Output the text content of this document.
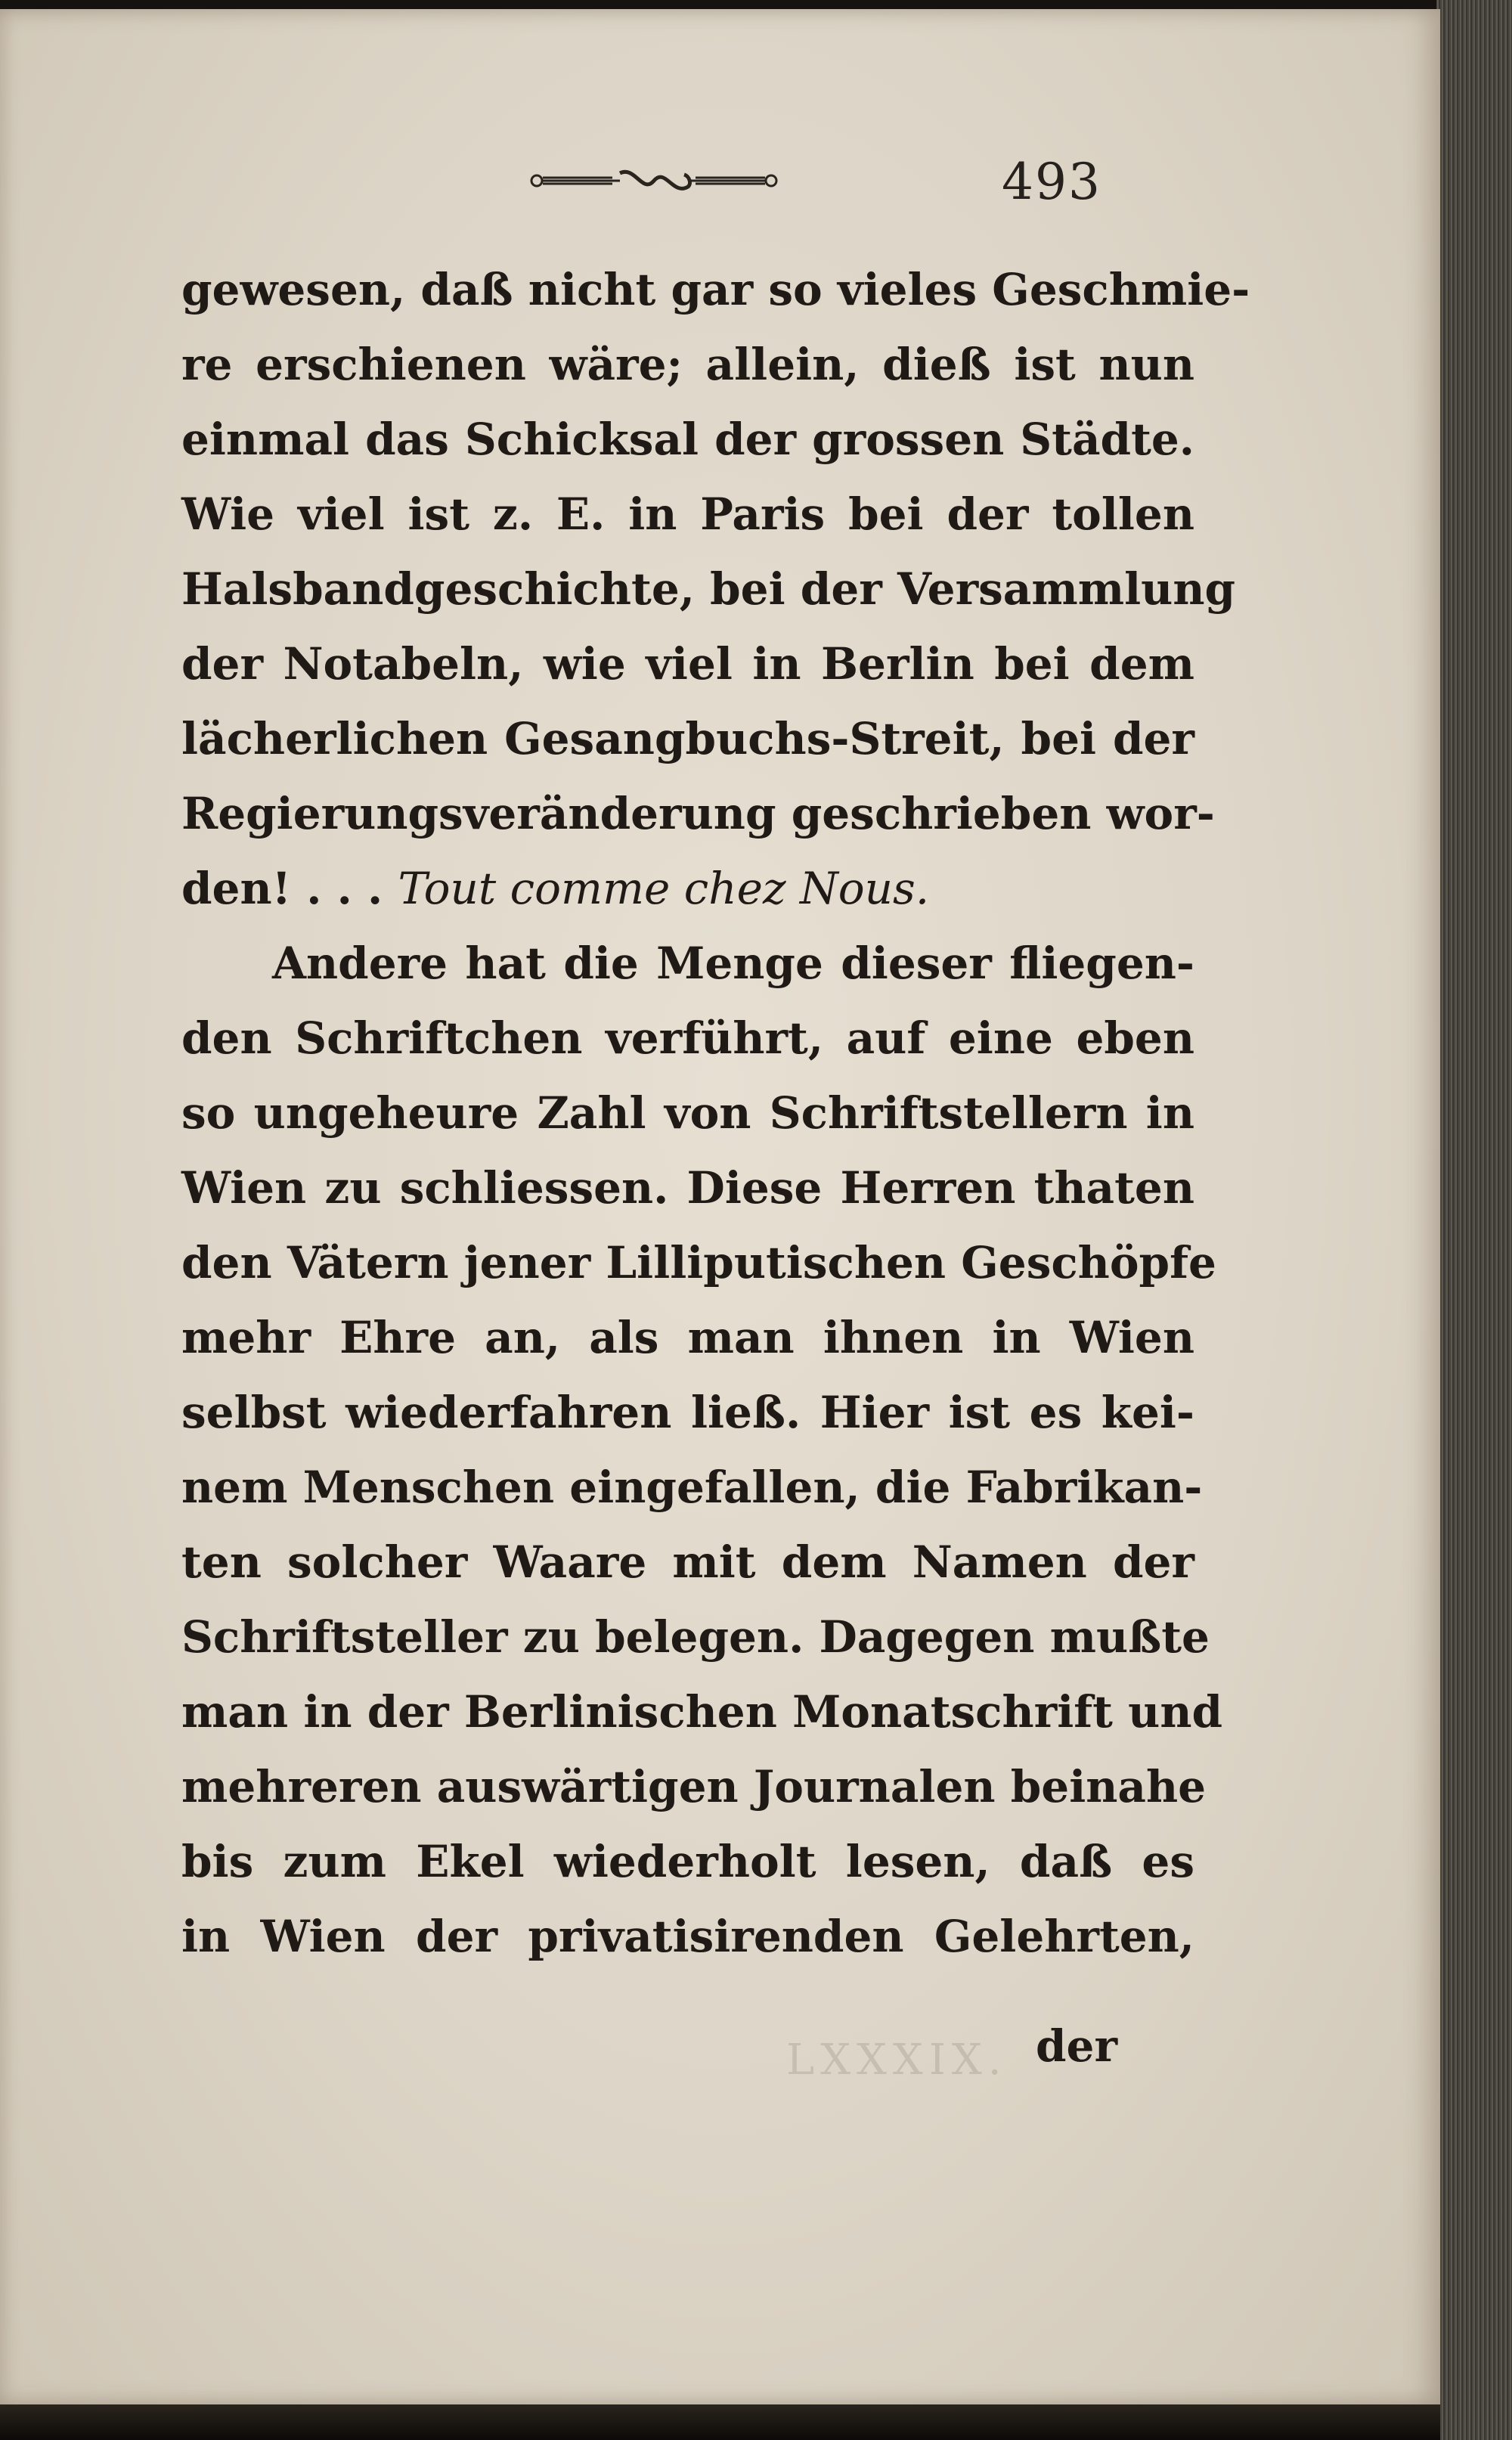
493
gewesen, daß nicht gar so vieles Geschmie-
re erschienen wäre; allein, dieß ist nun
einmal das Schicksal der grossen Städte.
Wie viel ist z. E. in Paris bei der tollen
Halsbandgeschichte, bei der Versammlung
der Notabeln, wie viel in Berlin bei dem
lächerlichen Gesangbuchs-Streit, bei der
Regierungsveränderung geschrieben wor-
den! . . . Tout comme chez Nous.
Andere hat die Menge dieser fliegen-
den Schriftchen verführt, auf eine eben
so ungeheure Zahl von Schriftstellern in
Wien zu schliessen. Diese Herren thaten
den Vätern jener Lilliputischen Geschöpfe
mehr Ehre an, als man ihnen in Wien
selbst wiederfahren ließ. Hier ist es kei-
nem Menschen eingefallen, die Fabrikan-
ten solcher Waare mit dem Namen der
Schriftsteller zu belegen. Dagegen mußte
man in der Berlinischen Monatschrift und
mehreren auswärtigen Journalen beinahe
bis zum Ekel wiederholt lesen, daß es
in Wien der privatisirenden Gelehrten,
LXXXIX. der
